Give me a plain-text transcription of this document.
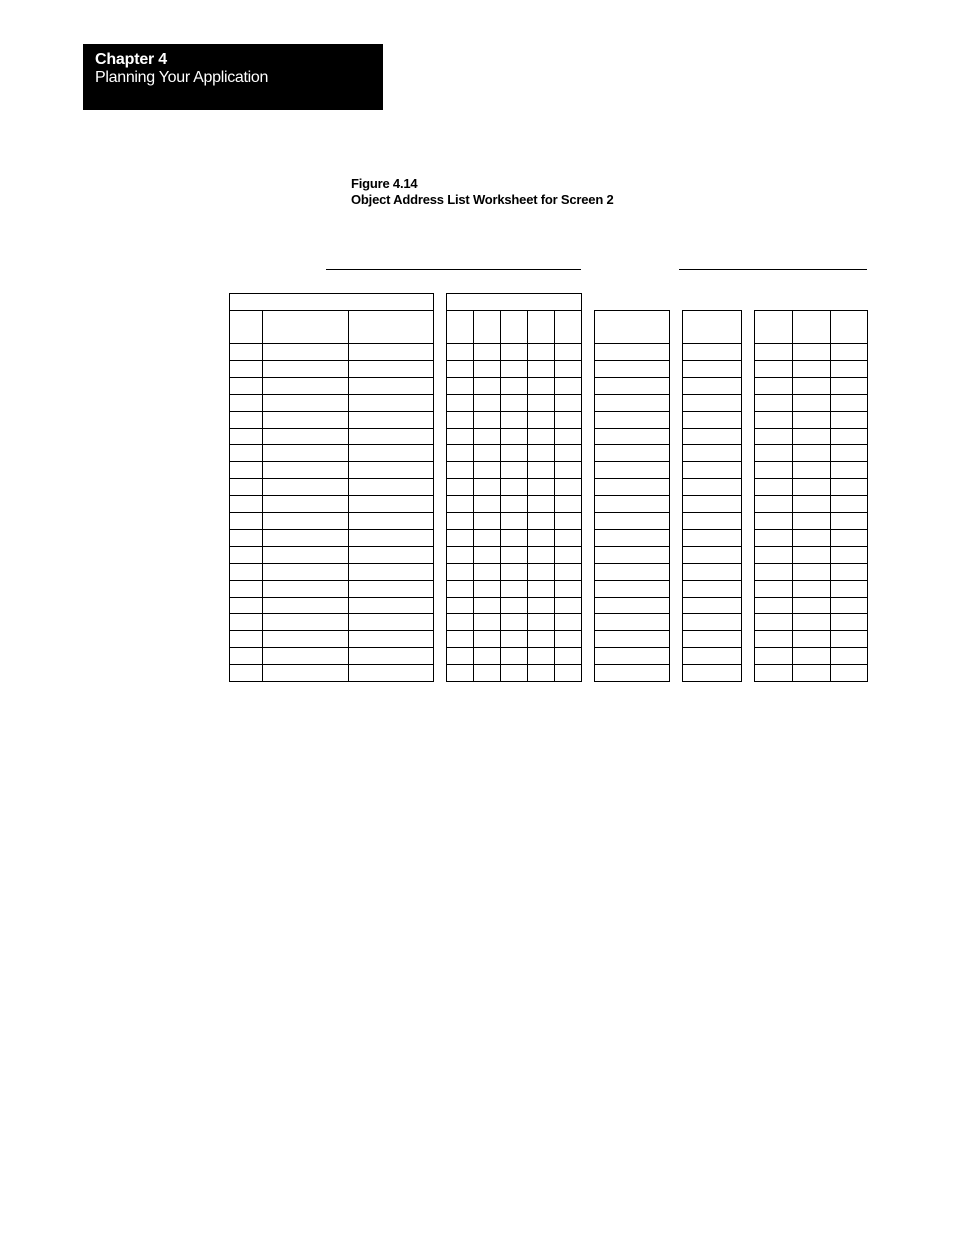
Chapter 4
Planning Your Application
Figure 4.14
Object Address List Worksheet for Screen 2
